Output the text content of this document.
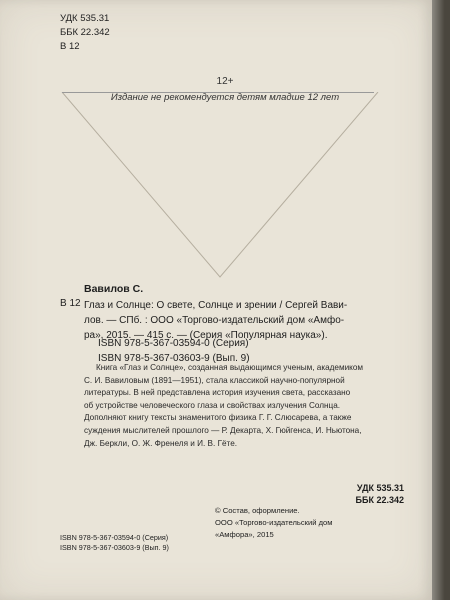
УДК 535.31
ББК 22.342
В 12
12+
Издание не рекомендуется детям младше 12 лет
Вавилов С.
В 12 Глаз и Солнце: О свете, Солнце и зрении / Сергей Вави-
лов. — СПб. : ООО «Торгово-издательский дом «Амфо-
ра», 2015. — 415 с. — (Серия «Популярная наука»).
ISBN 978-5-367-03594-0 (Серия)
ISBN 978-5-367-03603-9 (Вып. 9)
Книга «Глаз и Солнце», созданная выдающимся ученым, академиком
С. И. Вавиловым (1891—1951), стала классикой научно-популярной
литературы. В ней представлена история изучения света, рассказано
об устройстве человеческого глаза и свойствах излучения Солнца.
Дополняют книгу тексты знаменитого физика Г. Г. Слюсарева, а также
суждения мыслителей прошлого — Р. Декарта, Х. Гюйгенса, И. Ньютона,
Дж. Беркли, О. Ж. Френеля и И. В. Гёте.
УДК 535.31
ББК 22.342
ISBN 978-5-367-03594-0 (Серия)
ISBN 978-5-367-03603-9 (Вып. 9)
© Состав, оформление.
ООО «Торгово-издательский дом
«Амфора», 2015
